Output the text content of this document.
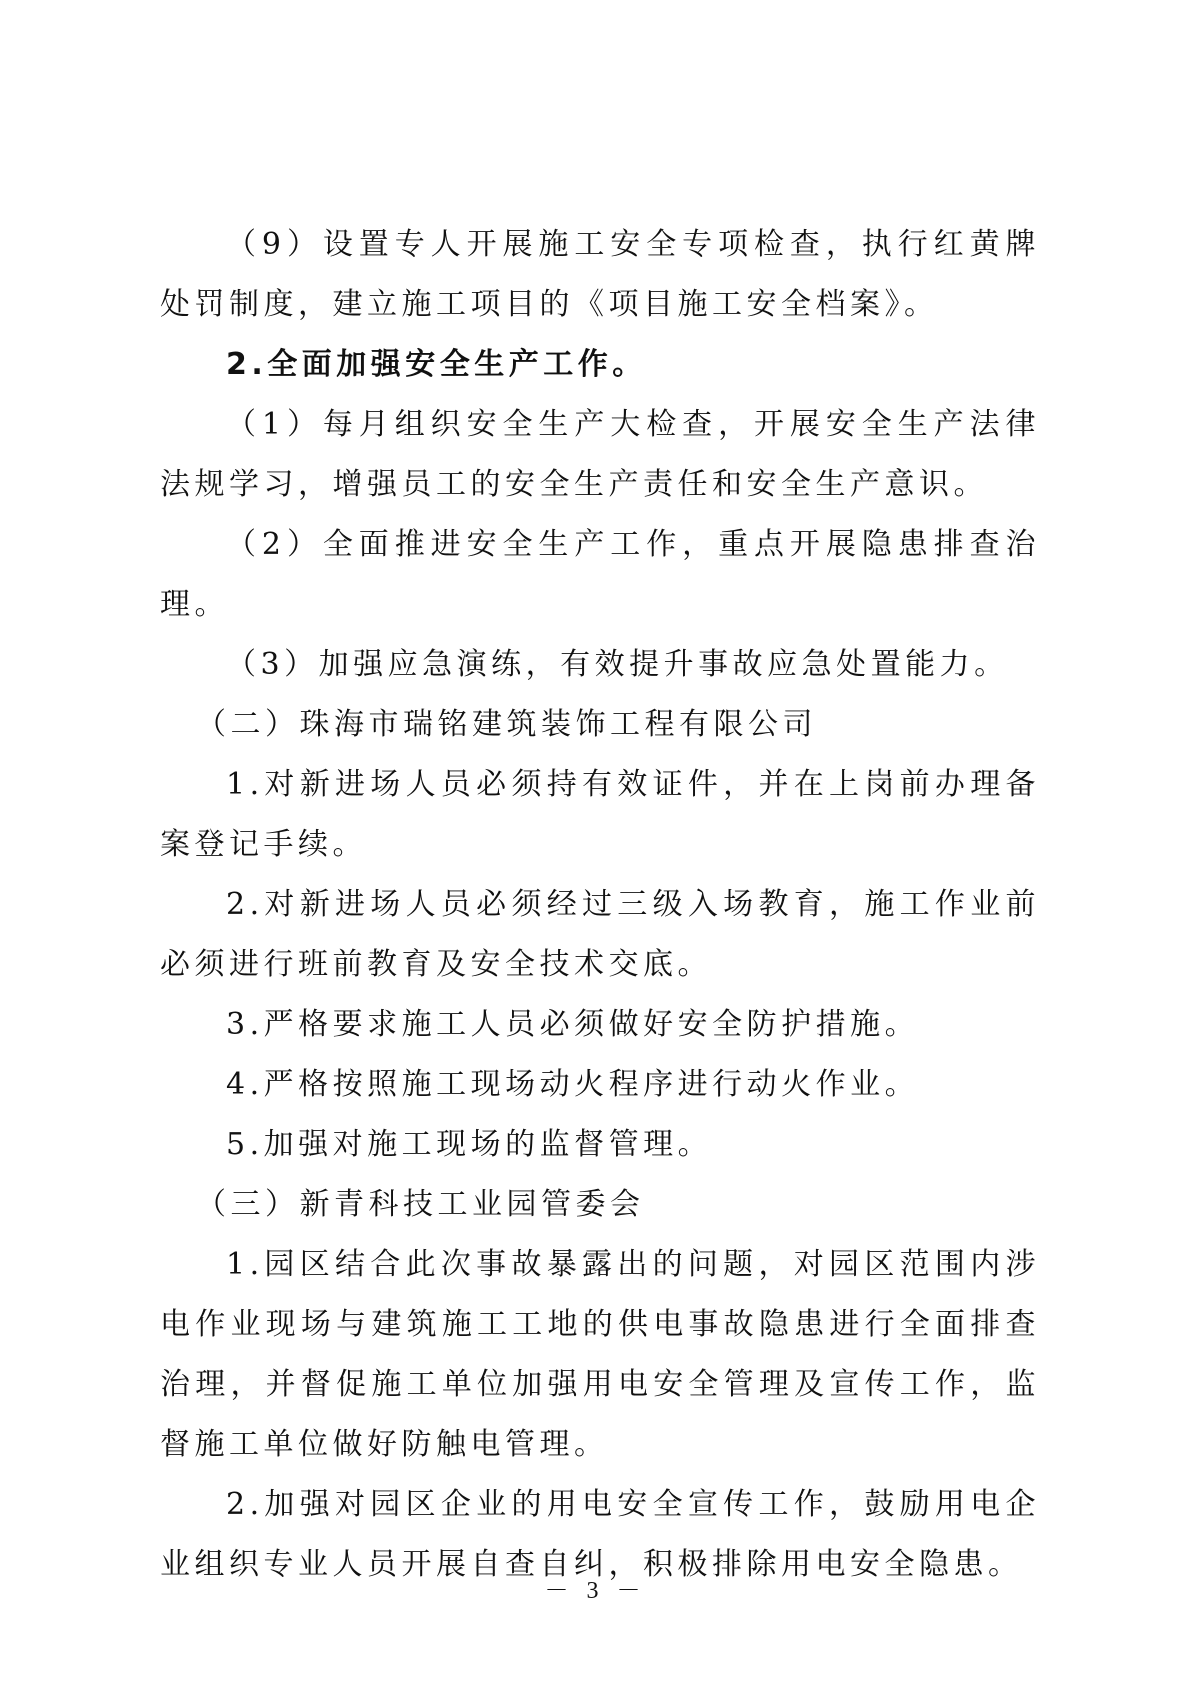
（9）设置专人开展施工安全专项检查，执行红黄牌处罚制度，建立施工项目的《项目施工安全档案》。

2.全面加强安全生产工作。

（1）每月组织安全生产大检查，开展安全生产法律法规学习，增强员工的安全生产责任和安全生产意识。

（2）全面推进安全生产工作，重点开展隐患排查治理。

（3）加强应急演练，有效提升事故应急处置能力。

（二）珠海市瑞铭建筑装饰工程有限公司

1.对新进场人员必须持有效证件，并在上岗前办理备案登记手续。

2.对新进场人员必须经过三级入场教育，施工作业前必须进行班前教育及安全技术交底。

3.严格要求施工人员必须做好安全防护措施。

4.严格按照施工现场动火程序进行动火作业。

5.加强对施工现场的监督管理。

（三）新青科技工业园管委会

1.园区结合此次事故暴露出的问题，对园区范围内涉电作业现场与建筑施工工地的供电事故隐患进行全面排查治理，并督促施工单位加强用电安全管理及宣传工作，监督施工单位做好防触电管理。

2.加强对园区企业的用电安全宣传工作，鼓励用电企业组织专业人员开展自查自纠，积极排除用电安全隐患。

－ 3 －
